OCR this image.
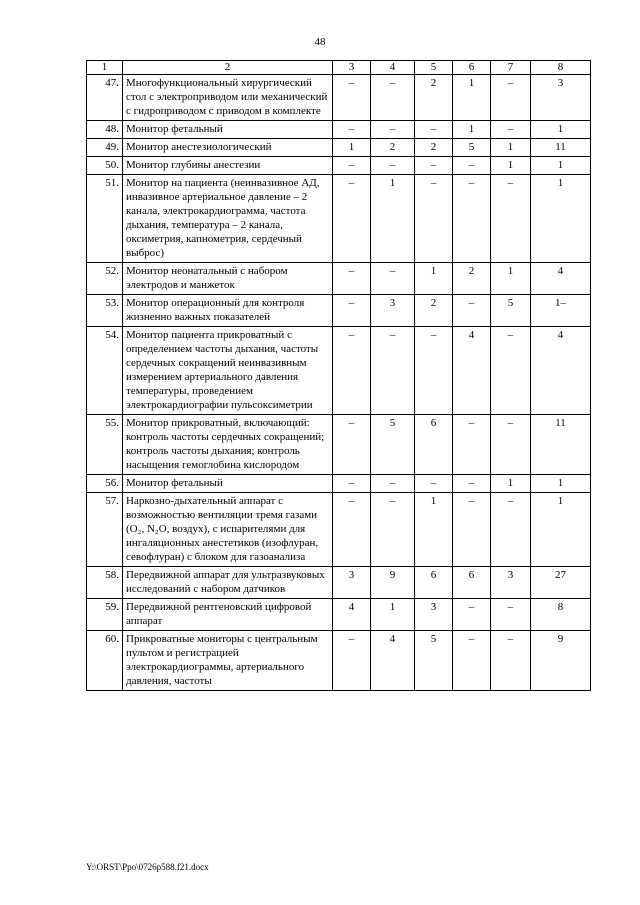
48
1	2	3	4	5	6	7	8
47.	Многофункциональный хирургический стол с электроприводом или механический с гидроприводом с приводом в комплекте	–	–	2	1	–	3
48.	Монитор фетальный	–	–	–	1	–	1
49.	Монитор анестезиологический	1	2	2	5	1	11
50.	Монитор глубины анестезии	–	–	–	–	1	1
51.	Монитор на пациента (неинвазивное АД, инвазивное артериальное давление – 2 канала, электрокардиограмма, частота дыхания, температура – 2 канала, оксиметрия, капнометрия, сердечный выброс)	–	1	–	–	–	1
52.	Монитор неонатальный с набором электродов и манжеток	–	–	1	2	1	4
53.	Монитор операционный для контроля жизненно важных показателей	–	3	2	–	5	1–
54.	Монитор пациента прикроватный с определением частоты дыхания, частоты сердечных сокращений неинвазивным измерением артериального давления температуры, проведением электрокардиографии пульсоксиметрии	–	–	–	4	–	4
55.	Монитор прикроватный, включающий: контроль частоты сердечных сокращений; контроль частоты дыхания; контроль насыщения гемоглобина кислородом	–	5	6	–	–	11
56.	Монитор фетальный	–	–	–	–	1	1
57.	Наркозно-дыхательный аппарат с возможностью вентиляции тремя газами (O₂, N₂O, воздух), с испарителями для ингаляционных анестетиков (изофлуран, севофлуран) с блоком для газоанализа	–	–	1	–	–	1
58.	Передвижной аппарат для ультразвуковых исследований с набором датчиков	3	9	6	6	3	27
59.	Передвижной рентгеновский цифровой аппарат	4	1	3	–	–	8
60.	Прикроватные мониторы с центральным пультом и регистрацией электрокардиограммы, артериального давления, частоты	–	4	5	–	–	9
Y:\ORST\Ppo\0726p588.f21.docx
